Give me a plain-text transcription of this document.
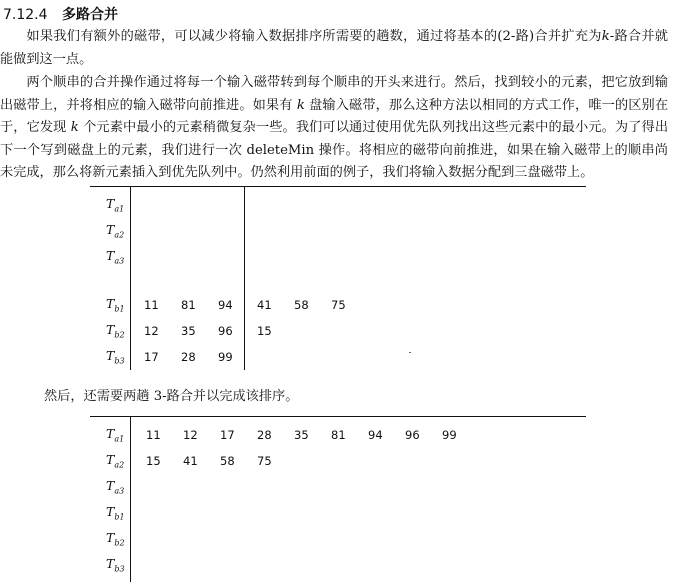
7.12.4 多路合并

如果我们有额外的磁带，可以减少将输入数据排序所需要的趟数，通过将基本的(2-路)合并扩充为k-路合并就能做到这一点。

两个顺串的合并操作通过将每一个输入磁带转到每个顺串的开头来进行。然后，找到较小的元素，把它放到输出磁带上，并将相应的输入磁带向前推进。如果有 k 盘输入磁带，那么这种方法以相同的方式工作，唯一的区别在于，它发现 k 个元素中最小的元素稍微复杂一些。我们可以通过使用优先队列找出这些元素中的最小元。为了得出下一个写到磁盘上的元素，我们进行一次 deleteMin 操作。将相应的磁带向前推进，如果在输入磁带上的顺串尚未完成，那么将新元素插入到优先队列中。仍然利用前面的例子，我们将输入数据分配到三盘磁带上。

$T_{a1}$
$T_{a2}$
$T_{a3}$
$T_{b1}$	11 81 94 41 58 75
$T_{b2}$	12 35 96 15
$T_{b3}$	17 28 99

然后，还需要两趟 3-路合并以完成该排序。

$T_{a1}$	11 12 17 28 35 81 94 96 99
$T_{a2}$	15 41 58 75
$T_{a3}$
$T_{b1}$
$T_{b2}$
$T_{b3}$
